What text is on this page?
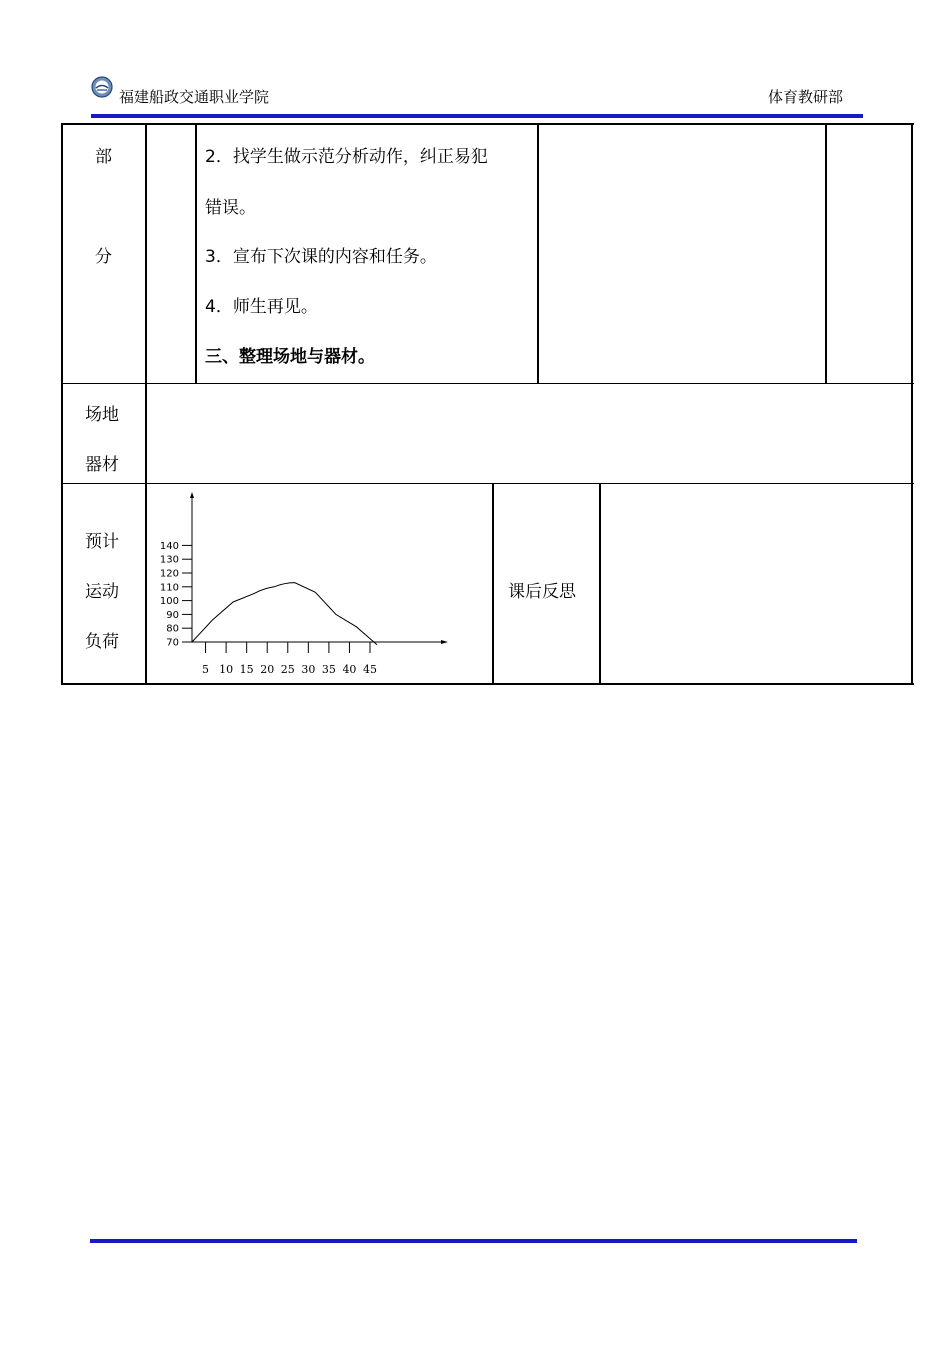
福建船政交通职业学院	体育教研部
部
分
2．找学生做示范分析动作，纠正易犯
错误。
3．宣布下次课的内容和任务。
4．师生再见。
三、整理场地与器材。
场地
器材
预计
运动
负荷
课后反思
70
80
90
100
110
120
130
140
5 10 15 20 25 30 35 40 45
